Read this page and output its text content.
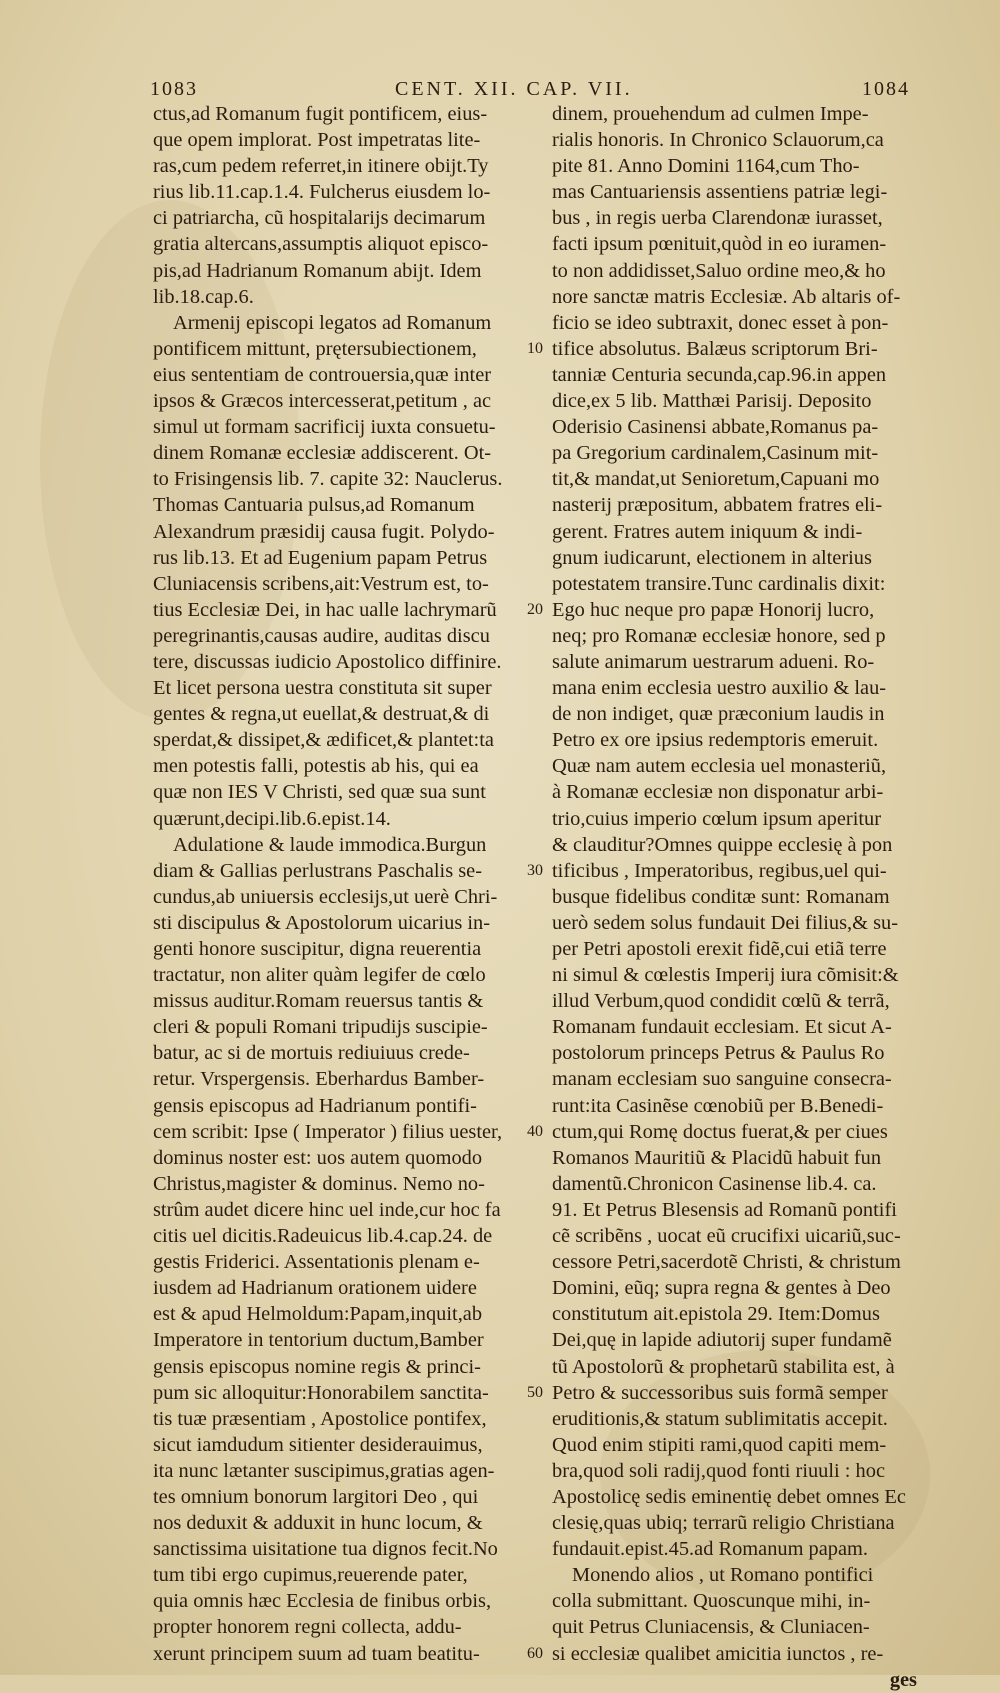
1083	CENT. XII. CAP. VII.	1084
ctus,ad Romanum fugit pontificem, eius-
que opem implorat. Post impetratas lite-
ras,cum pedem referret,in itinere obijt.Ty
rius lib.11.cap.1.4. Fulcherus eiusdem lo-
ci patriarcha, cũ hospitalarijs decimarum
gratia altercans,assumptis aliquot episco-
pis,ad Hadrianum Romanum abijt. Idem
lib.18.cap.6.
Armenij episcopi legatos ad Romanum
pontificem mittunt, prętersubiectionem,
eius sententiam de controuersia,quæ inter
ipsos & Græcos intercesserat,petitum , ac
simul ut formam sacrificij iuxta consuetu-
dinem Romanæ ecclesiæ addiscerent. Ot-
to Frisingensis lib. 7. capite 32: Nauclerus.
Thomas Cantuaria pulsus,ad Romanum
Alexandrum præsidij causa fugit. Polydo-
rus lib.13. Et ad Eugenium papam Petrus
Cluniacensis scribens,ait:Vestrum est, to-
tius Ecclesiæ Dei, in hac ualle lachrymarũ
peregrinantis,causas audire, auditas discu
tere, discussas iudicio Apostolico diffinire.
Et licet persona uestra constituta sit super
gentes & regna,ut euellat,& destruat,& di
sperdat,& dissipet,& ædificet,& plantet:ta
men potestis falli, potestis ab his, qui ea
quæ non IES V Christi, sed quæ sua sunt
quærunt,decipi.lib.6.epist.14.
Adulatione & laude immodica.Burgun
diam & Gallias perlustrans Paschalis se-
cundus,ab uniuersis ecclesijs,ut uerè Chri-
sti discipulus & Apostolorum uicarius in-
genti honore suscipitur, digna reuerentia
tractatur, non aliter quàm legifer de cœlo
missus auditur.Romam reuersus tantis &
cleri & populi Romani tripudijs suscipie-
batur, ac si de mortuis rediuiuus crede-
retur. Vrspergensis. Eberhardus Bamber-
gensis episcopus ad Hadrianum pontifi-
cem scribit: Ipse ( Imperator ) filius uester,
dominus noster est: uos autem quomodo
Christus,magister & dominus. Nemo no-
strûm audet dicere hinc uel inde,cur hoc fa
citis uel dicitis.Radeuicus lib.4.cap.24. de
gestis Friderici. Assentationis plenam e-
iusdem ad Hadrianum orationem uidere
est & apud Helmoldum:Papam,inquit,ab
Imperatore in tentorium ductum,Bamber
gensis episcopus nomine regis & princi-
pum sic alloquitur:Honorabilem sanctita-
tis tuæ præsentiam , Apostolice pontifex,
sicut iamdudum sitienter desiderauimus,
ita nunc lætanter suscipimus,gratias agen-
tes omnium bonorum largitori Deo , qui
nos deduxit & adduxit in hunc locum, &
sanctissima uisitatione tua dignos fecit.No
tum tibi ergo cupimus,reuerende pater,
quia omnis hæc Ecclesia de finibus orbis,
propter honorem regni collecta, addu-
xerunt principem suum ad tuam beatitu-
dinem, prouehendum ad culmen Impe-
rialis honoris. In Chronico Sclauorum,ca
pite 81. Anno Domini 1164,cum Tho-
mas Cantuariensis assentiens patriæ legi-
bus , in regis uerba Clarendonæ iurasset,
facti ipsum pœnituit,quòd in eo iuramen-
to non addidisset,Saluo ordine meo,& ho
nore sanctæ matris Ecclesiæ. Ab altaris of-
ficio se ideo subtraxit, donec esset à pon-
tifice absolutus. Balæus scriptorum Bri-
tanniæ Centuria secunda,cap.96.in appen
dice,ex 5 lib. Matthæi Parisij. Deposito
Oderisio Casinensi abbate,Romanus pa-
pa Gregorium cardinalem,Casinum mit-
tit,& mandat,ut Senioretum,Capuani mo
nasterij præpositum, abbatem fratres eli-
gerent. Fratres autem iniquum & indi-
gnum iudicarunt, electionem in alterius
potestatem transire.Tunc cardinalis dixit:
Ego huc neque pro papæ Honorij lucro,
neq; pro Romanæ ecclesiæ honore, sed p
salute animarum uestrarum adueni. Ro-
mana enim ecclesia uestro auxilio & lau-
de non indiget, quæ præconium laudis in
Petro ex ore ipsius redemptoris emeruit.
Quæ nam autem ecclesia uel monasteriũ,
à Romanæ ecclesiæ non disponatur arbi-
trio,cuius imperio cœlum ipsum aperitur
& clauditur?Omnes quippe ecclesię à pon
tificibus , Imperatoribus, regibus,uel qui-
busque fidelibus conditæ sunt: Romanam
uerò sedem solus fundauit Dei filius,& su-
per Petri apostoli erexit fidẽ,cui etiã terre
ni simul & cœlestis Imperij iura cõmisit:&
illud Verbum,quod condidit cœlũ & terrã,
Romanam fundauit ecclesiam. Et sicut A-
postolorum princeps Petrus & Paulus Ro
manam ecclesiam suo sanguine consecra-
runt:ita Casinẽse cœnobiũ per B.Benedi-
ctum,qui Romę doctus fuerat,& per ciues
Romanos Mauritiũ & Placidũ habuit fun
damentũ.Chronicon Casinense lib.4. ca.
91. Et Petrus Blesensis ad Romanũ pontifi
cẽ scribẽns , uocat eũ crucifixi uicariũ,suc-
cessore Petri,sacerdotẽ Christi, & christum
Domini, eũq; supra regna & gentes à Deo
constitutum ait.epistola 29. Item:Domus
Dei,quę in lapide adiutorij super fundamẽ
tũ Apostolorũ & prophetarũ stabilita est, à
Petro & successoribus suis formã semper
eruditionis,& statum sublimitatis accepit.
Quod enim stipiti rami,quod capiti mem-
bra,quod soli radij,quod fonti riuuli : hoc
Apostolicę sedis eminentię debet omnes Ec
clesię,quas ubiq; terrarũ religio Christiana
fundauit.epist.45.ad Romanum papam.
Monendo alios , ut Romano pontifici
colla submittant. Quoscunque mihi, in-
quit Petrus Cluniacensis, & Cluniacen-
si ecclesiæ qualibet amicitia iunctos , re-
ges
10
20
30
40
50
60
